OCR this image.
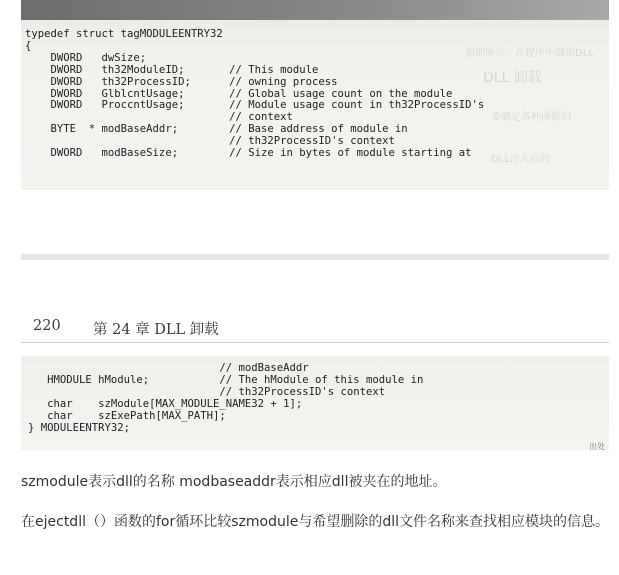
如前所示，在程序中调用DLL
DLL 卸载
要确定各种函数的
DLL注入后的
typedef struct tagMODULEENTRY32
{
DWORD   dwSize;
DWORD   th32ModuleID;       // This module
DWORD   th32ProcessID;      // owning process
DWORD   GlblcntUsage;       // Global usage count on the module
DWORD   ProccntUsage;       // Module usage count in th32ProcessID's
// context
BYTE  * modBaseAddr;        // Base address of module in
// th32ProcessID's context
DWORD   modBaseSize;        // Size in bytes of module starting at
220 第 24 章 DLL 卸载
// modBaseAddr
HMODULE hModule;           // The hModule of this module in
// th32ProcessID's context
char    szModule[MAX_MODULE_NAME32 + 1];
char    szExePath[MAX_PATH];
} MODULEENTRY32;
出处

szmodule表示dll的名称 modbaseaddr表示相应dll被夹在的地址。

在ejectdll（）函数的for循环比较szmodule与希望删除的dll文件名称来查找相应模块的信息。
